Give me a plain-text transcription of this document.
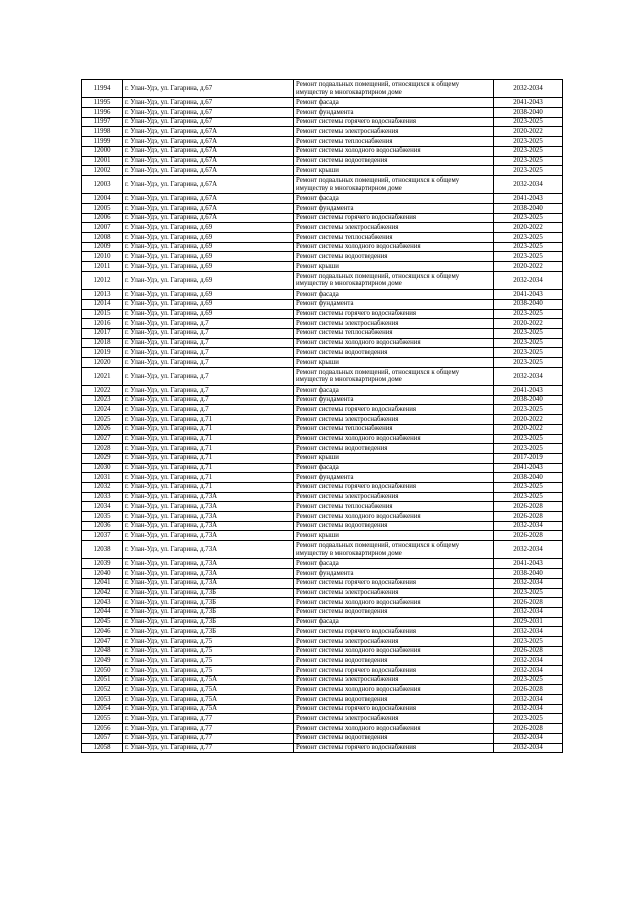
11994	г. Улан-Удэ, ул. Гагарина, д.67	Ремонт подвальных помещений, относящихся к общему имуществу в многоквартирном доме	2032-2034
11995	г. Улан-Удэ, ул. Гагарина, д.67	Ремонт фасада	2041-2043
11996	г. Улан-Удэ, ул. Гагарина, д.67	Ремонт фундамента	2038-2040
11997	г. Улан-Удэ, ул. Гагарина, д.67	Ремонт системы горячего водоснабжения	2023-2025
11998	г. Улан-Удэ, ул. Гагарина, д.67А	Ремонт системы электроснабжения	2020-2022
11999	г. Улан-Удэ, ул. Гагарина, д.67А	Ремонт системы теплоснабжения	2023-2025
12000	г. Улан-Удэ, ул. Гагарина, д.67А	Ремонт системы холодного водоснабжения	2023-2025
12001	г. Улан-Удэ, ул. Гагарина, д.67А	Ремонт системы водоотведения	2023-2025
12002	г. Улан-Удэ, ул. Гагарина, д.67А	Ремонт крыши	2023-2025
12003	г. Улан-Удэ, ул. Гагарина, д.67А	Ремонт подвальных помещений, относящихся к общему имуществу в многоквартирном доме	2032-2034
12004	г. Улан-Удэ, ул. Гагарина, д.67А	Ремонт фасада	2041-2043
12005	г. Улан-Удэ, ул. Гагарина, д.67А	Ремонт фундамента	2038-2040
12006	г. Улан-Удэ, ул. Гагарина, д.67А	Ремонт системы горячего водоснабжения	2023-2025
12007	г. Улан-Удэ, ул. Гагарина, д.69	Ремонт системы электроснабжения	2020-2022
12008	г. Улан-Удэ, ул. Гагарина, д.69	Ремонт системы теплоснабжения	2023-2025
12009	г. Улан-Удэ, ул. Гагарина, д.69	Ремонт системы холодного водоснабжения	2023-2025
12010	г. Улан-Удэ, ул. Гагарина, д.69	Ремонт системы водоотведения	2023-2025
12011	г. Улан-Удэ, ул. Гагарина, д.69	Ремонт крыши	2020-2022
12012	г. Улан-Удэ, ул. Гагарина, д.69	Ремонт подвальных помещений, относящихся к общему имуществу в многоквартирном доме	2032-2034
12013	г. Улан-Удэ, ул. Гагарина, д.69	Ремонт фасада	2041-2043
12014	г. Улан-Удэ, ул. Гагарина, д.69	Ремонт фундамента	2038-2040
12015	г. Улан-Удэ, ул. Гагарина, д.69	Ремонт системы горячего водоснабжения	2023-2025
12016	г. Улан-Удэ, ул. Гагарина, д.7	Ремонт системы электроснабжения	2020-2022
12017	г. Улан-Удэ, ул. Гагарина, д.7	Ремонт системы теплоснабжения	2023-2025
12018	г. Улан-Удэ, ул. Гагарина, д.7	Ремонт системы холодного водоснабжения	2023-2025
12019	г. Улан-Удэ, ул. Гагарина, д.7	Ремонт системы водоотведения	2023-2025
12020	г. Улан-Удэ, ул. Гагарина, д.7	Ремонт крыши	2023-2025
12021	г. Улан-Удэ, ул. Гагарина, д.7	Ремонт подвальных помещений, относящихся к общему имуществу в многоквартирном доме	2032-2034
12022	г. Улан-Удэ, ул. Гагарина, д.7	Ремонт фасада	2041-2043
12023	г. Улан-Удэ, ул. Гагарина, д.7	Ремонт фундамента	2038-2040
12024	г. Улан-Удэ, ул. Гагарина, д.7	Ремонт системы горячего водоснабжения	2023-2025
12025	г. Улан-Удэ, ул. Гагарина, д.71	Ремонт системы электроснабжения	2020-2022
12026	г. Улан-Удэ, ул. Гагарина, д.71	Ремонт системы теплоснабжения	2020-2022
12027	г. Улан-Удэ, ул. Гагарина, д.71	Ремонт системы холодного водоснабжения	2023-2025
12028	г. Улан-Удэ, ул. Гагарина, д.71	Ремонт системы водоотведения	2023-2025
12029	г. Улан-Удэ, ул. Гагарина, д.71	Ремонт крыши	2017-2019
12030	г. Улан-Удэ, ул. Гагарина, д.71	Ремонт фасада	2041-2043
12031	г. Улан-Удэ, ул. Гагарина, д.71	Ремонт фундамента	2038-2040
12032	г. Улан-Удэ, ул. Гагарина, д.71	Ремонт системы горячего водоснабжения	2023-2025
12033	г. Улан-Удэ, ул. Гагарина, д.73А	Ремонт системы электроснабжения	2023-2025
12034	г. Улан-Удэ, ул. Гагарина, д.73А	Ремонт системы теплоснабжения	2026-2028
12035	г. Улан-Удэ, ул. Гагарина, д.73А	Ремонт системы холодного водоснабжения	2026-2028
12036	г. Улан-Удэ, ул. Гагарина, д.73А	Ремонт системы водоотведения	2032-2034
12037	г. Улан-Удэ, ул. Гагарина, д.73А	Ремонт крыши	2026-2028
12038	г. Улан-Удэ, ул. Гагарина, д.73А	Ремонт подвальных помещений, относящихся к общему имуществу в многоквартирном доме	2032-2034
12039	г. Улан-Удэ, ул. Гагарина, д.73А	Ремонт фасада	2041-2043
12040	г. Улан-Удэ, ул. Гагарина, д.73А	Ремонт фундамента	2038-2040
12041	г. Улан-Удэ, ул. Гагарина, д.73А	Ремонт системы горячего водоснабжения	2032-2034
12042	г. Улан-Удэ, ул. Гагарина, д.73Б	Ремонт системы электроснабжения	2023-2025
12043	г. Улан-Удэ, ул. Гагарина, д.73Б	Ремонт системы холодного водоснабжения	2026-2028
12044	г. Улан-Удэ, ул. Гагарина, д.73Б	Ремонт системы водоотведения	2032-2034
12045	г. Улан-Удэ, ул. Гагарина, д.73Б	Ремонт фасада	2029-2031
12046	г. Улан-Удэ, ул. Гагарина, д.73Б	Ремонт системы горячего водоснабжения	2032-2034
12047	г. Улан-Удэ, ул. Гагарина, д.75	Ремонт системы электроснабжения	2023-2025
12048	г. Улан-Удэ, ул. Гагарина, д.75	Ремонт системы холодного водоснабжения	2026-2028
12049	г. Улан-Удэ, ул. Гагарина, д.75	Ремонт системы водоотведения	2032-2034
12050	г. Улан-Удэ, ул. Гагарина, д.75	Ремонт системы горячего водоснабжения	2032-2034
12051	г. Улан-Удэ, ул. Гагарина, д.75А	Ремонт системы электроснабжения	2023-2025
12052	г. Улан-Удэ, ул. Гагарина, д.75А	Ремонт системы холодного водоснабжения	2026-2028
12053	г. Улан-Удэ, ул. Гагарина, д.75А	Ремонт системы водоотведения	2032-2034
12054	г. Улан-Удэ, ул. Гагарина, д.75А	Ремонт системы горячего водоснабжения	2032-2034
12055	г. Улан-Удэ, ул. Гагарина, д.77	Ремонт системы электроснабжения	2023-2025
12056	г. Улан-Удэ, ул. Гагарина, д.77	Ремонт системы холодного водоснабжения	2026-2028
12057	г. Улан-Удэ, ул. Гагарина, д.77	Ремонт системы водоотведения	2032-2034
12058	г. Улан-Удэ, ул. Гагарина, д.77	Ремонт системы горячего водоснабжения	2032-2034
